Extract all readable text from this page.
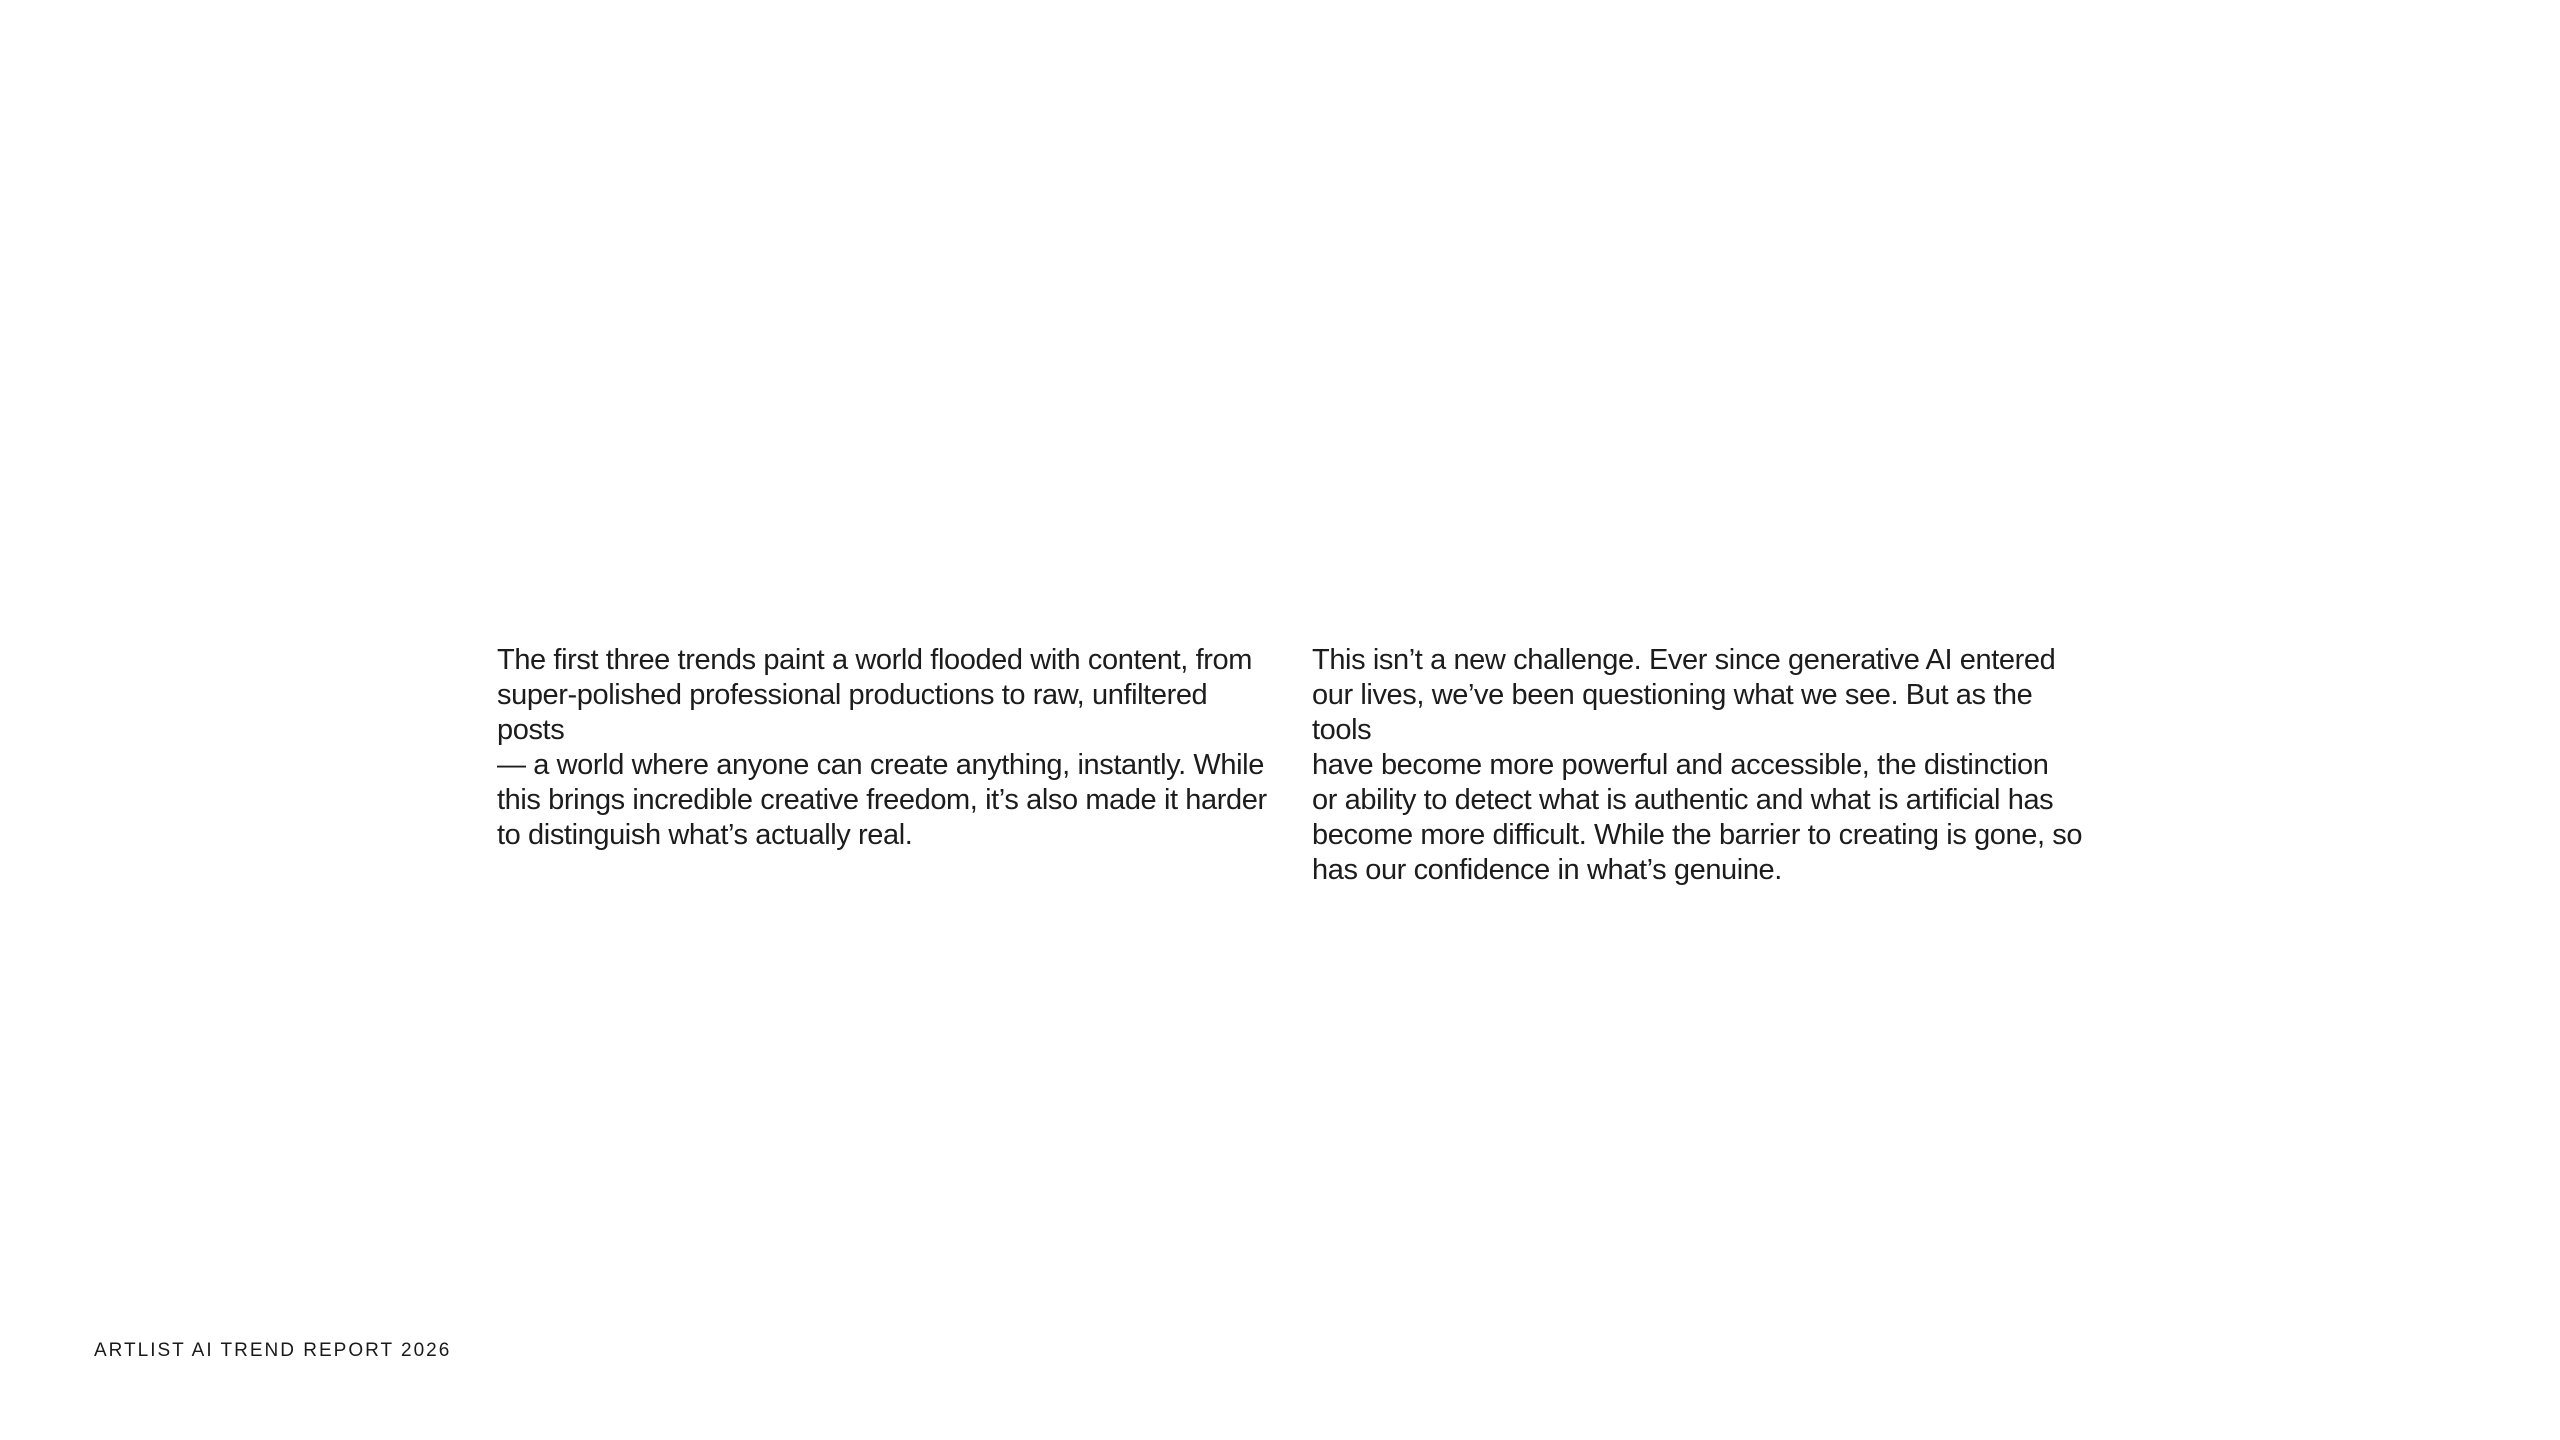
The first three trends paint a world flooded with content, from
super-polished professional productions to raw, unfiltered posts
— a world where anyone can create anything, instantly. While
this brings incredible creative freedom, it’s also made it harder
to distinguish what’s actually real.

This isn’t a new challenge. Ever since generative AI entered
our lives, we’ve been questioning what we see. But as the tools
have become more powerful and accessible, the distinction
or ability to detect what is authentic and what is artificial has
become more difficult. While the barrier to creating is gone, so
has our confidence in what’s genuine.

ARTLIST AI TREND REPORT 2026
